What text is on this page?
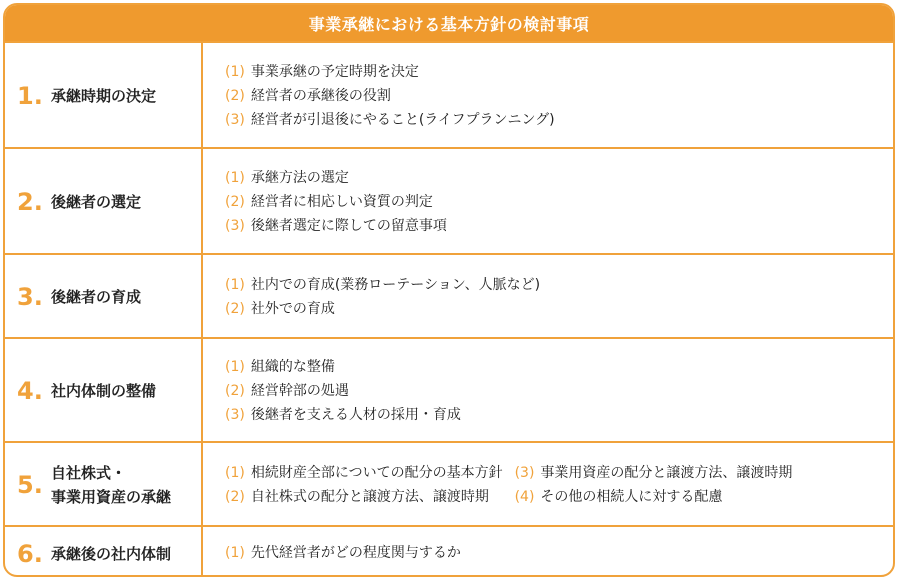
事業承継における基本方針の検討事項
1. 承継時期の決定
(1) 事業承継の予定時期を決定
(2) 経営者の承継後の役割
(3) 経営者が引退後にやること(ライフプランニング)
2. 後継者の選定
(1) 承継方法の選定
(2) 経営者に相応しい資質の判定
(3) 後継者選定に際しての留意事項
3. 後継者の育成
(1) 社内での育成(業務ローテーション、人脈など)
(2) 社外での育成
4. 社内体制の整備
(1) 組織的な整備
(2) 経営幹部の処遇
(3) 後継者を支える人材の採用・育成
5. 自社株式・
事業用資産の承継
(1) 相続財産全部についての配分の基本方針
(2) 自社株式の配分と譲渡方法、譲渡時期
(3) 事業用資産の配分と譲渡方法、譲渡時期
(4) その他の相続人に対する配慮
6. 承継後の社内体制	(1) 先代経営者がどの程度関与するか
